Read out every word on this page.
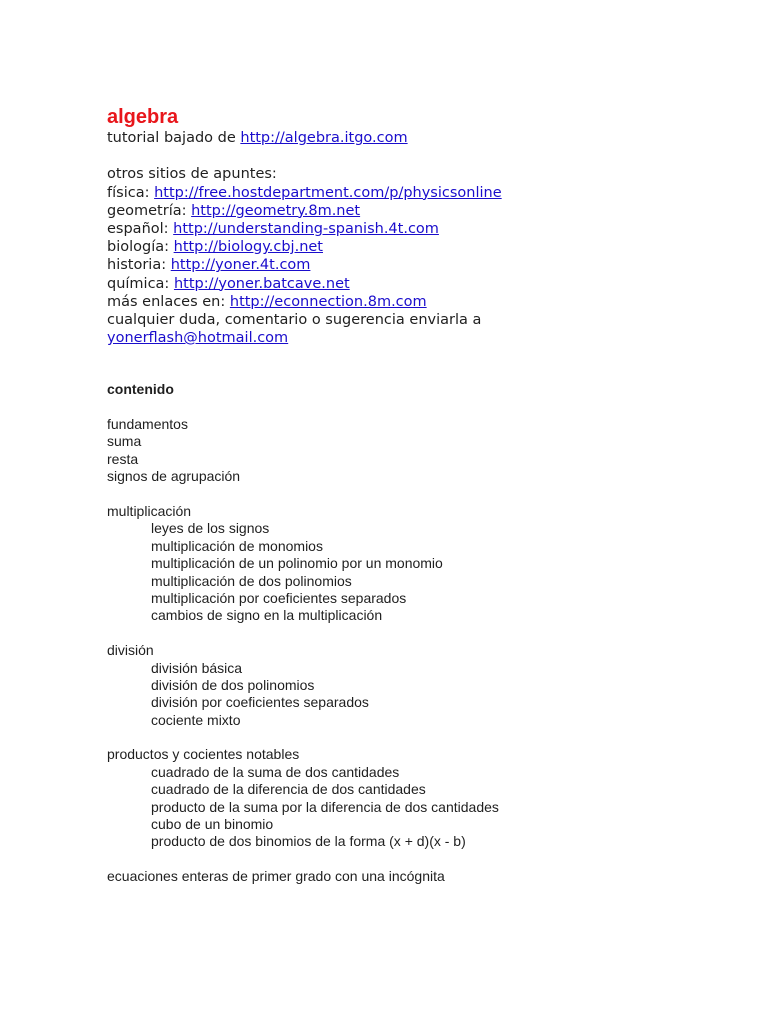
algebra
tutorial bajado de http://algebra.itgo.com
otros sitios de apuntes:
física: http://free.hostdepartment.com/p/physicsonline
geometría: http://geometry.8m.net
español: http://understanding-spanish.4t.com
biología: http://biology.cbj.net
historia: http://yoner.4t.com
química: http://yoner.batcave.net
más enlaces en: http://econnection.8m.com
cualquier duda, comentario o sugerencia enviarla a
yonerflash@hotmail.com
contenido
fundamentos
suma
resta
signos de agrupación
multiplicación
leyes de los signos
multiplicación de monomios
multiplicación de un polinomio por un monomio
multiplicación de dos polinomios
multiplicación por coeficientes separados
cambios de signo en la multiplicación
división
división básica
división de dos polinomios
división por coeficientes separados
cociente mixto
productos y cocientes notables
cuadrado de la suma de dos cantidades
cuadrado de la diferencia de dos cantidades
producto de la suma por la diferencia de dos cantidades
cubo de un binomio
producto de dos binomios de la forma (x + d)(x - b)
ecuaciones enteras de primer grado con una incógnita
